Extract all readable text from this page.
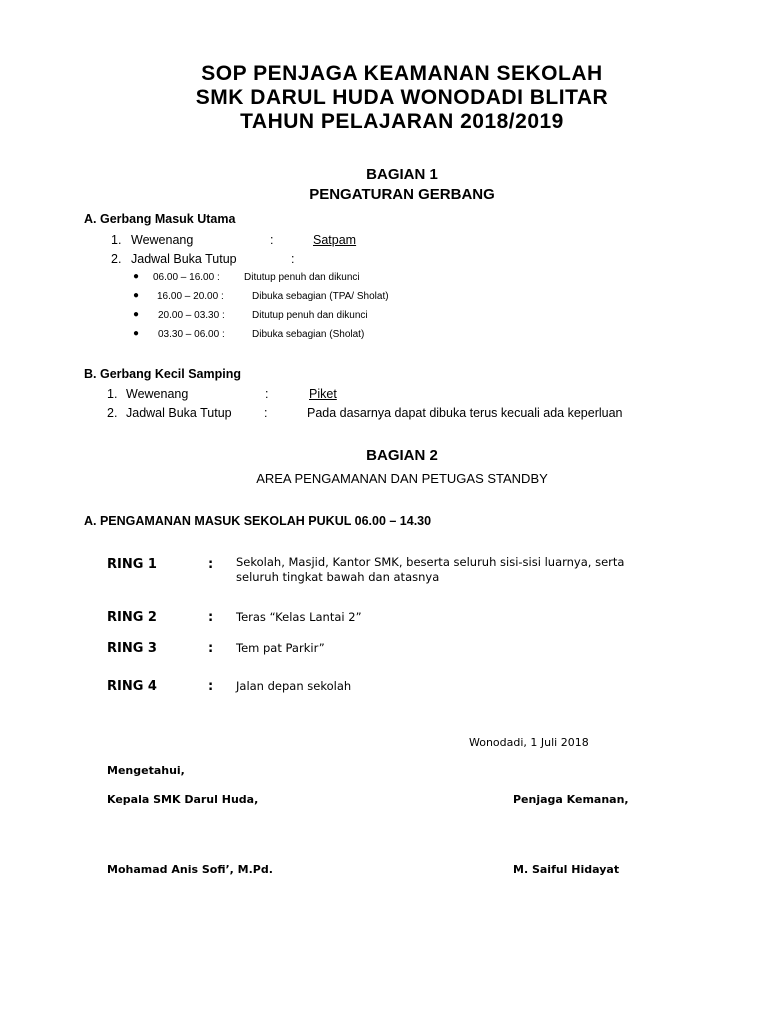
SOP PENJAGA KEAMANAN SEKOLAH
SMK DARUL HUDA WONODADI BLITAR
TAHUN PELAJARAN 2018/2019
BAGIAN 1
PENGATURAN GERBANG
A. Gerbang Masuk Utama
1. Wewenang	:	Satpam
2. Jadwal Buka Tutup	:
● 06.00 – 16.00 : Ditutup penuh dan dikunci
● 16.00 – 20.00 :	Dibuka sebagian (TPA/ Sholat)
● 20.00 – 03.30 :	Ditutup penuh dan dikunci
● 03.30 – 06.00 :	Dibuka sebagian (Sholat)
B. Gerbang Kecil Samping
1. Wewenang	:	Piket
2. Jadwal Buka Tutup	:	Pada dasarnya dapat dibuka terus kecuali ada keperluan
BAGIAN 2
AREA PENGAMANAN DAN PETUGAS STANDBY
A. PENGAMANAN MASUK SEKOLAH PUKUL 06.00 – 14.30
RING 1	: Sekolah, Masjid, Kantor SMK, beserta seluruh sisi-sisi luarnya, serta seluruh tingkat bawah dan atasnya
RING 2	: Teras “Kelas Lantai 2”
RING 3	: Tem pat Parkir”
RING 4	: Jalan depan sekolah
Wonodadi, 1 Juli 2018
Mengetahui,
Kepala SMK Darul Huda,	Penjaga Kemanan,
Mohamad Anis Sofi’, M.Pd.	M. Saiful Hidayat
